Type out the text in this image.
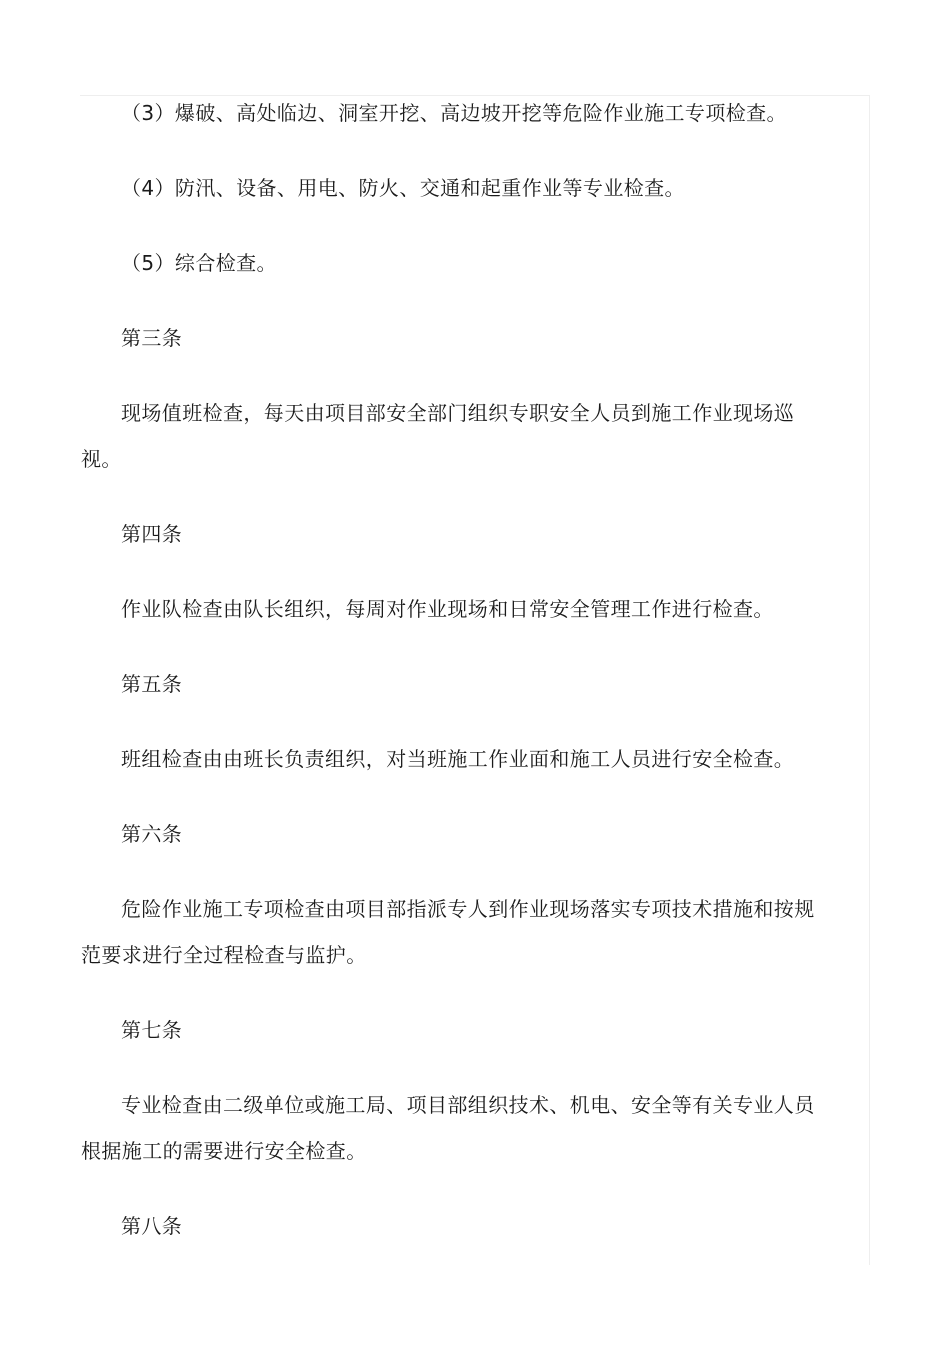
（3）爆破、高处临边、洞室开挖、高边坡开挖等危险作业施工专项检查。

（4）防汛、设备、用电、防火、交通和起重作业等专业检查。

（5）综合检查。

第三条

现场值班检查，每天由项目部安全部门组织专职安全人员到施工作业现场巡视。

第四条

作业队检查由队长组织，每周对作业现场和日常安全管理工作进行检查。

第五条

班组检查由由班长负责组织，对当班施工作业面和施工人员进行安全检查。

第六条

危险作业施工专项检查由项目部指派专人到作业现场落实专项技术措施和按规范要求进行全过程检查与监护。

第七条

专业检查由二级单位或施工局、项目部组织技术、机电、安全等有关专业人员根据施工的需要进行安全检查。

第八条
